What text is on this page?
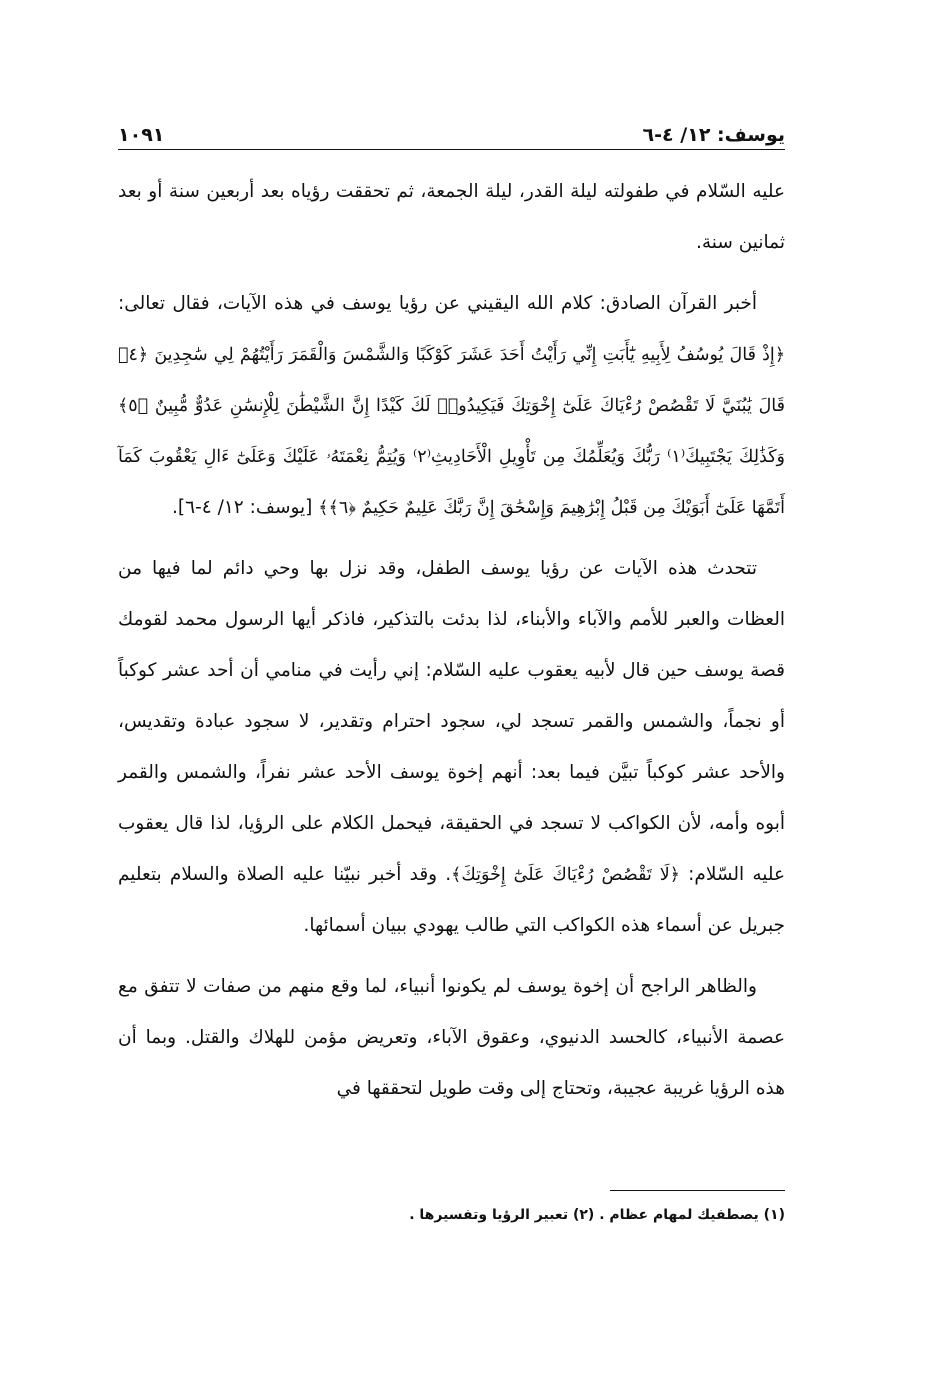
يوسف: ١٢/ ٤-٦
١٠٩١

عليه السّلام في طفولته ليلة القدر، ليلة الجمعة، ثم تحققت رؤياه بعد أربعين سنة أو بعد ثمانين سنة.

أخبر القرآن الصادق: كلام الله اليقيني عن رؤيا يوسف في هذه الآيات، فقال تعالى: ﴿إِذْ قَالَ يُوسُفُ لِأَبِيهِ يَٰٓأَبَتِ إِنِّي رَأَيْتُ أَحَدَ عَشَرَ كَوْكَبًا وَالشَّمْسَ وَالْقَمَرَ رَأَيْتُهُمْ لِي سَٰجِدِينَ ﴿٤﴾ قَالَ يَٰبُنَيَّ لَا تَقْصُصْ رُءْيَاكَ عَلَىٰٓ إِخْوَتِكَ فَيَكِيدُوا۟ لَكَ كَيْدًا إِنَّ الشَّيْطَٰنَ لِلْإِنسَٰنِ عَدُوٌّ مُّبِينٌ ﴿٥﴾ وَكَذَٰلِكَ يَجْتَبِيكَ⁽١⁾ رَبُّكَ وَيُعَلِّمُكَ مِن تَأْوِيلِ الْأَحَادِيثِ⁽٢⁾ وَيُتِمُّ نِعْمَتَهُۥ عَلَيْكَ وَعَلَىٰٓ ءَالِ يَعْقُوبَ كَمَآ أَتَمَّهَا عَلَىٰٓ أَبَوَيْكَ مِن قَبْلُ إِبْرَٰهِيمَ وَإِسْحَٰقَ إِنَّ رَبَّكَ عَلِيمٌ حَكِيمٌ ﴿٦﴾﴾ [يوسف: ١٢/ ٤-٦].

تتحدث هذه الآيات عن رؤيا يوسف الطفل، وقد نزل بها وحي دائم لما فيها من العظات والعبر للأمم والآباء والأبناء، لذا بدئت بالتذكير، فاذكر أيها الرسول محمد لقومك قصة يوسف حين قال لأبيه يعقوب عليه السّلام: إني رأيت في منامي أن أحد عشر كوكباً أو نجماً، والشمس والقمر تسجد لي، سجود احترام وتقدير، لا سجود عبادة وتقديس، والأحد عشر كوكباً تبيَّن فيما بعد: أنهم إخوة يوسف الأحد عشر نفراً، والشمس والقمر أبوه وأمه، لأن الكواكب لا تسجد في الحقيقة، فيحمل الكلام على الرؤيا، لذا قال يعقوب عليه السّلام: ﴿لَا تَقْصُصْ رُءْيَاكَ عَلَىٰٓ إِخْوَتِكَ﴾. وقد أخبر نبيّنا عليه الصلاة والسلام بتعليم جبريل عن أسماء هذه الكواكب التي طالب يهودي ببيان أسمائها.

والظاهر الراجح أن إخوة يوسف لم يكونوا أنبياء، لما وقع منهم من صفات لا تتفق مع عصمة الأنبياء، كالحسد الدنيوي، وعقوق الآباء، وتعريض مؤمن للهلاك والقتل. وبما أن هذه الرؤيا غريبة عجيبة، وتحتاج إلى وقت طويل لتحققها في

(١) يصطفيك لمهام عظام . (٢) تعبير الرؤيا وتفسيرها .
